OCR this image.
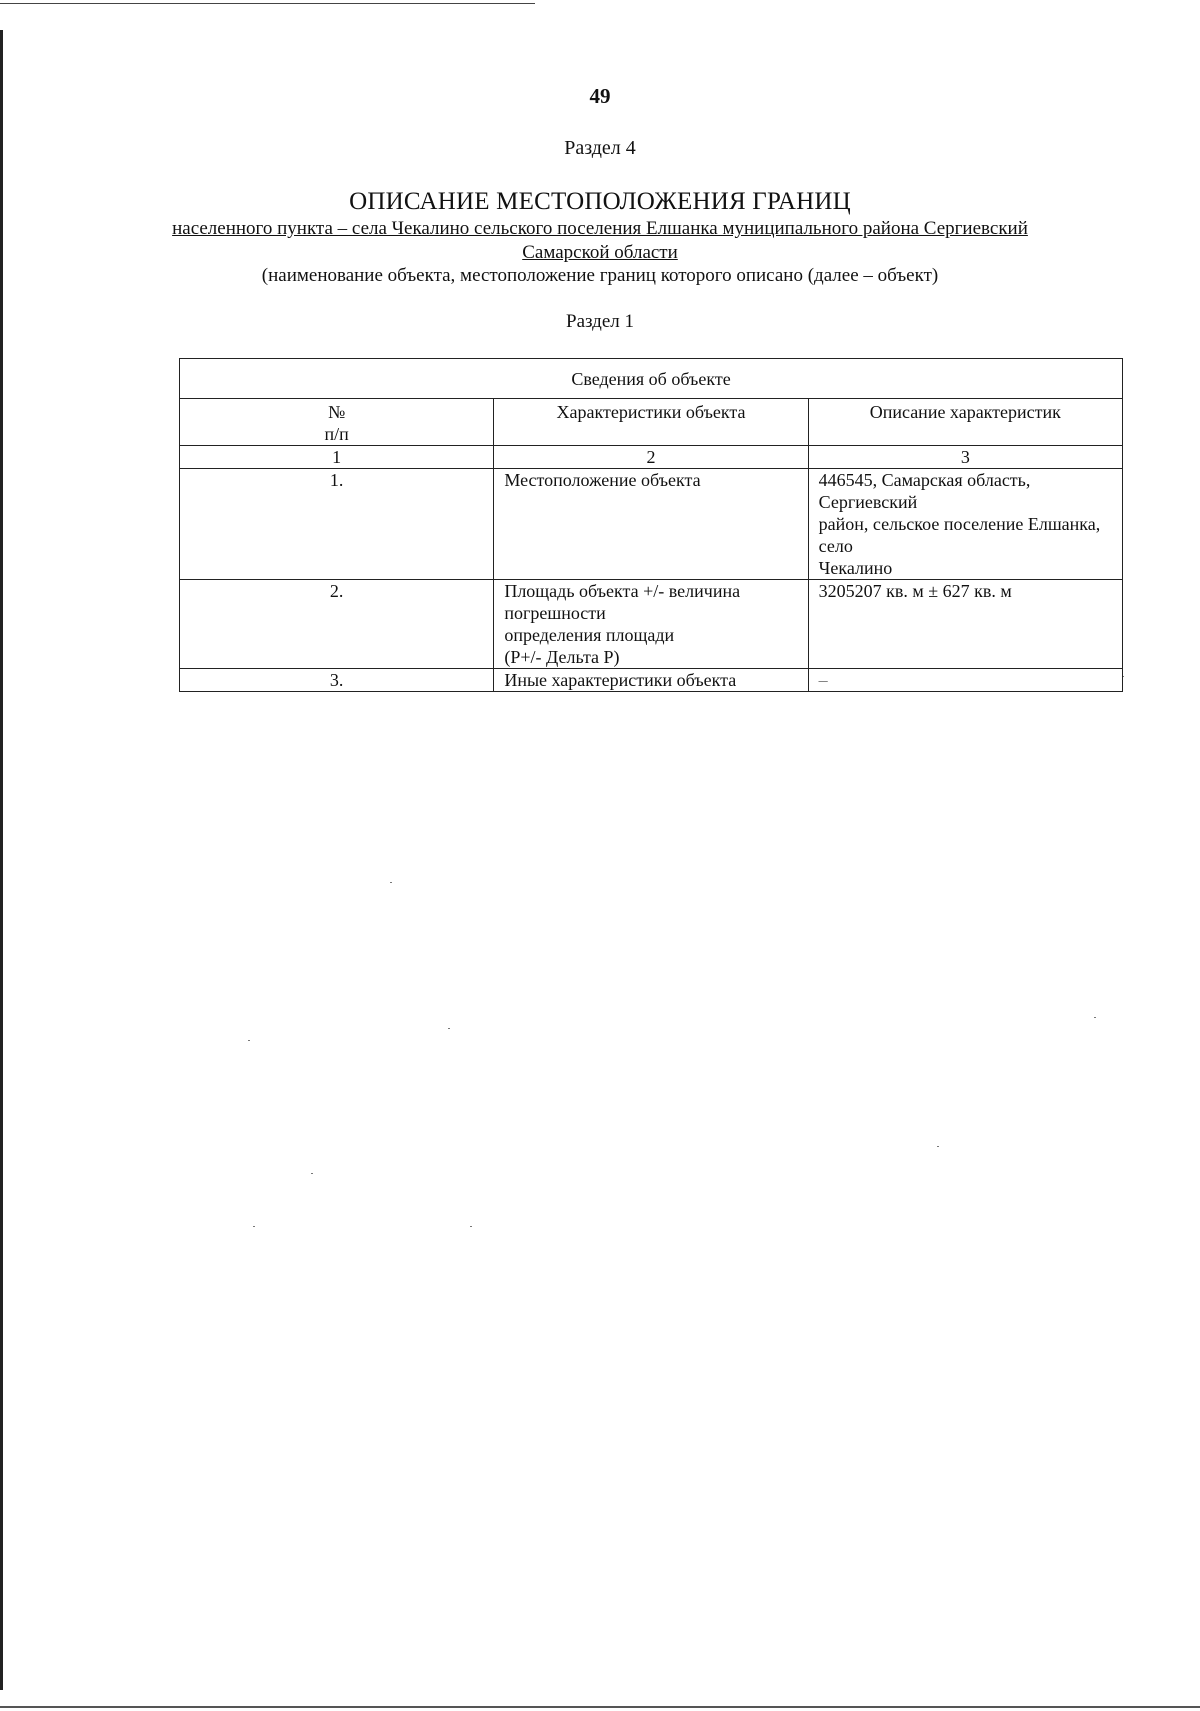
49
Раздел 4
ОПИСАНИЕ МЕСТОПОЛОЖЕНИЯ ГРАНИЦ
населенного пункта – села Чекалино сельского поселения Елшанка муниципального района Сергиевский
Самарской области
(наименование объекта, местоположение границ которого описано (далее – объект)
Раздел 1
Сведения об объекте		
№
п/п	Характеристики объекта	Описание характеристик
1	2	3
1.	Местоположение объекта	446545, Самарская область, Сергиевский
район, сельское поселение Елшанка, село
Чекалино
2.	Площадь объекта +/- величина погрешности
определения площади
(Р+/- Дельта Р)	3205207 кв. м ± 627 кв. м
3.	Иные характеристики объекта	–
